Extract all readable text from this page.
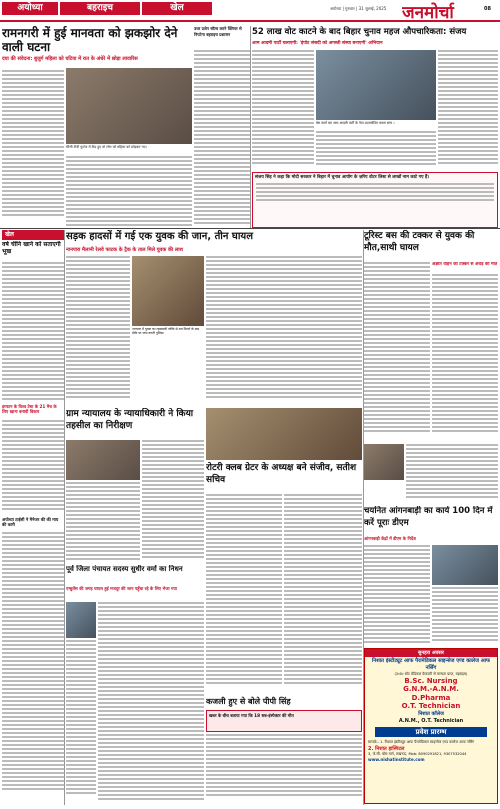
अयोध्या	बहराइच	खेल	अयोध्या | गुरुवार | 31 जुलाई, 2025 जनमोर्चा	08
रामनगरी में हुई मानवता को झकझोर देने वाली घटना
दया की संवेदना: बुजुर्ग महिला को घटिया में रात के अंधेरे में छोड़ा लावारिस
सीसी टीवी फुटेज में कैद हुए वो लोग जो महिला को छोड़कर गए।
उधर प्रशेन सॉल्व करने क्लियर से निपटेगा बहराइच प्रशासन	52 लाख वोट काटने के बाद बिहार चुनाव महज औपचारिकता: संजय
आम आदमी पार्टी चलाएगी: 'इंपोट संसदी को अगस्ती संस्था बनाएगी' अभियान
प्रेस वार्ता कर आप आदमी पार्टी के नेता उपमर्यादित करता सत्य ।
संजय सिंह ने कहा कि मोदी सरकार ने बिहार में चुनाव आयोग के ज़रिए वोटर लिस्ट से लाखों नाम काटे गए हैं।
खेल
वर्ष चीनि खाने को सताएगी भूख
इरफान के विश्व टेस्ट के 21 मैच के लिए खाना बनायी विकार
अयोध्या टाईसी ने मैनेजर की की माय की कारी
सड़क हादसों में गई एक युवक की जान, तीन घायल
नानपारा मैलानी रेलवे फाटक के ट्रैक के ताल मिले युवक की लाश
नानपारा में युवक का रहस्यमयी तरीके से शव मिलने के बाद मौके पर जांच करती पुलिस।
ग्राम न्यायालय के न्यायाधिकारी ने किया तहसील का निरीक्षण
पूर्व जिला पंचायत सदस्य सुधीर वर्मा का निधन
एम्बुलेंस की जगह घायल हुई मजदूर की जान पहुँचा रहे के लिए भेजा गया
रोटरी क्लब ग्रेटर के अध्यक्ष बने संजीव, सतीश सचिव
टूरिस्ट बस की टक्कर से युवक की मौत,साथी घायल
अज्ञात वाहन की टक्कर से अधेड़ की मौत
चयनित आंगनबाड़ी का कार्य 100 दिन में करें पूराः डीएम
आंगनबाड़ी केंद्रों में डीएम के निर्देश
कजली हुए से बोले पीपी सिंह
खबर के बीच बताया गया कि 18 सब-इंस्पेक्टर की मौत
सुनहरा अवसर
निशात इंस्टीट्यूट आफ पैरामेडिकल साइन्सेज एण्ड कालेज आफ नर्सिंग
(उ०प्र० स्टेट मेडिकल फैकल्टी से मान्यता प्राप्त, बहराइच)
B.Sc. Nursing
G.N.M.-A.N.M.
D.Pharma
O.T. Technician
निशात कॉलेज
A.N.M., O.T. Technician
प्रवेश प्रारम्भ
सम्पर्क:- 1. निशात इंस्टीट्यूट आफ पैरामेडिकल साइन्सेज एण्ड कालेज आफ नर्सिंग
2. निशात हास्पिटल
3, जे.सी. बोस मार्ग, लखनऊ, Mob: 8090291821, 9307532044
www.nishatinstitute.com
